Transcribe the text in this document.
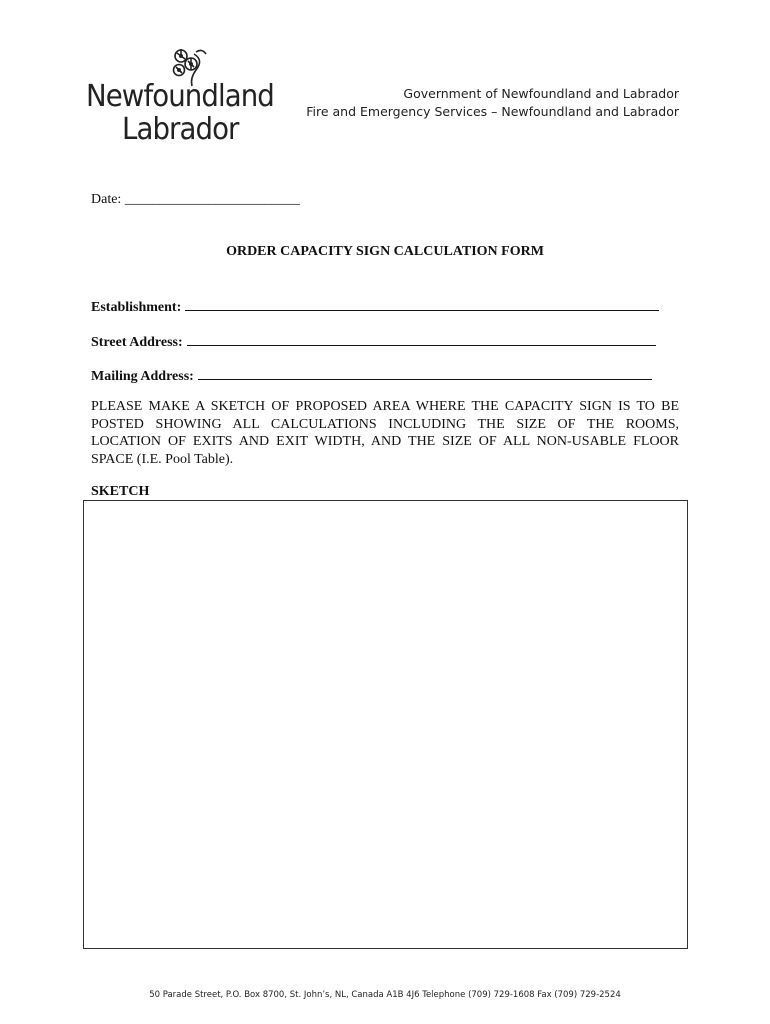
Newfoundland
Labrador
Government of Newfoundland and Labrador
Fire and Emergency Services – Newfoundland and Labrador
Date: _________________________
ORDER CAPACITY SIGN CALCULATION FORM
Establishment:
Street Address:
Mailing Address:
PLEASE MAKE A SKETCH OF PROPOSED AREA WHERE THE CAPACITY SIGN IS TO BE POSTED SHOWING ALL CALCULATIONS INCLUDING THE SIZE OF THE ROOMS, LOCATION OF EXITS AND EXIT WIDTH, AND THE SIZE OF ALL NON-USABLE FLOOR SPACE (I.E. Pool Table).
SKETCH
50 Parade Street, P.O. Box 8700, St. John’s, NL, Canada A1B 4J6 Telephone (709) 729-1608 Fax (709) 729-2524
